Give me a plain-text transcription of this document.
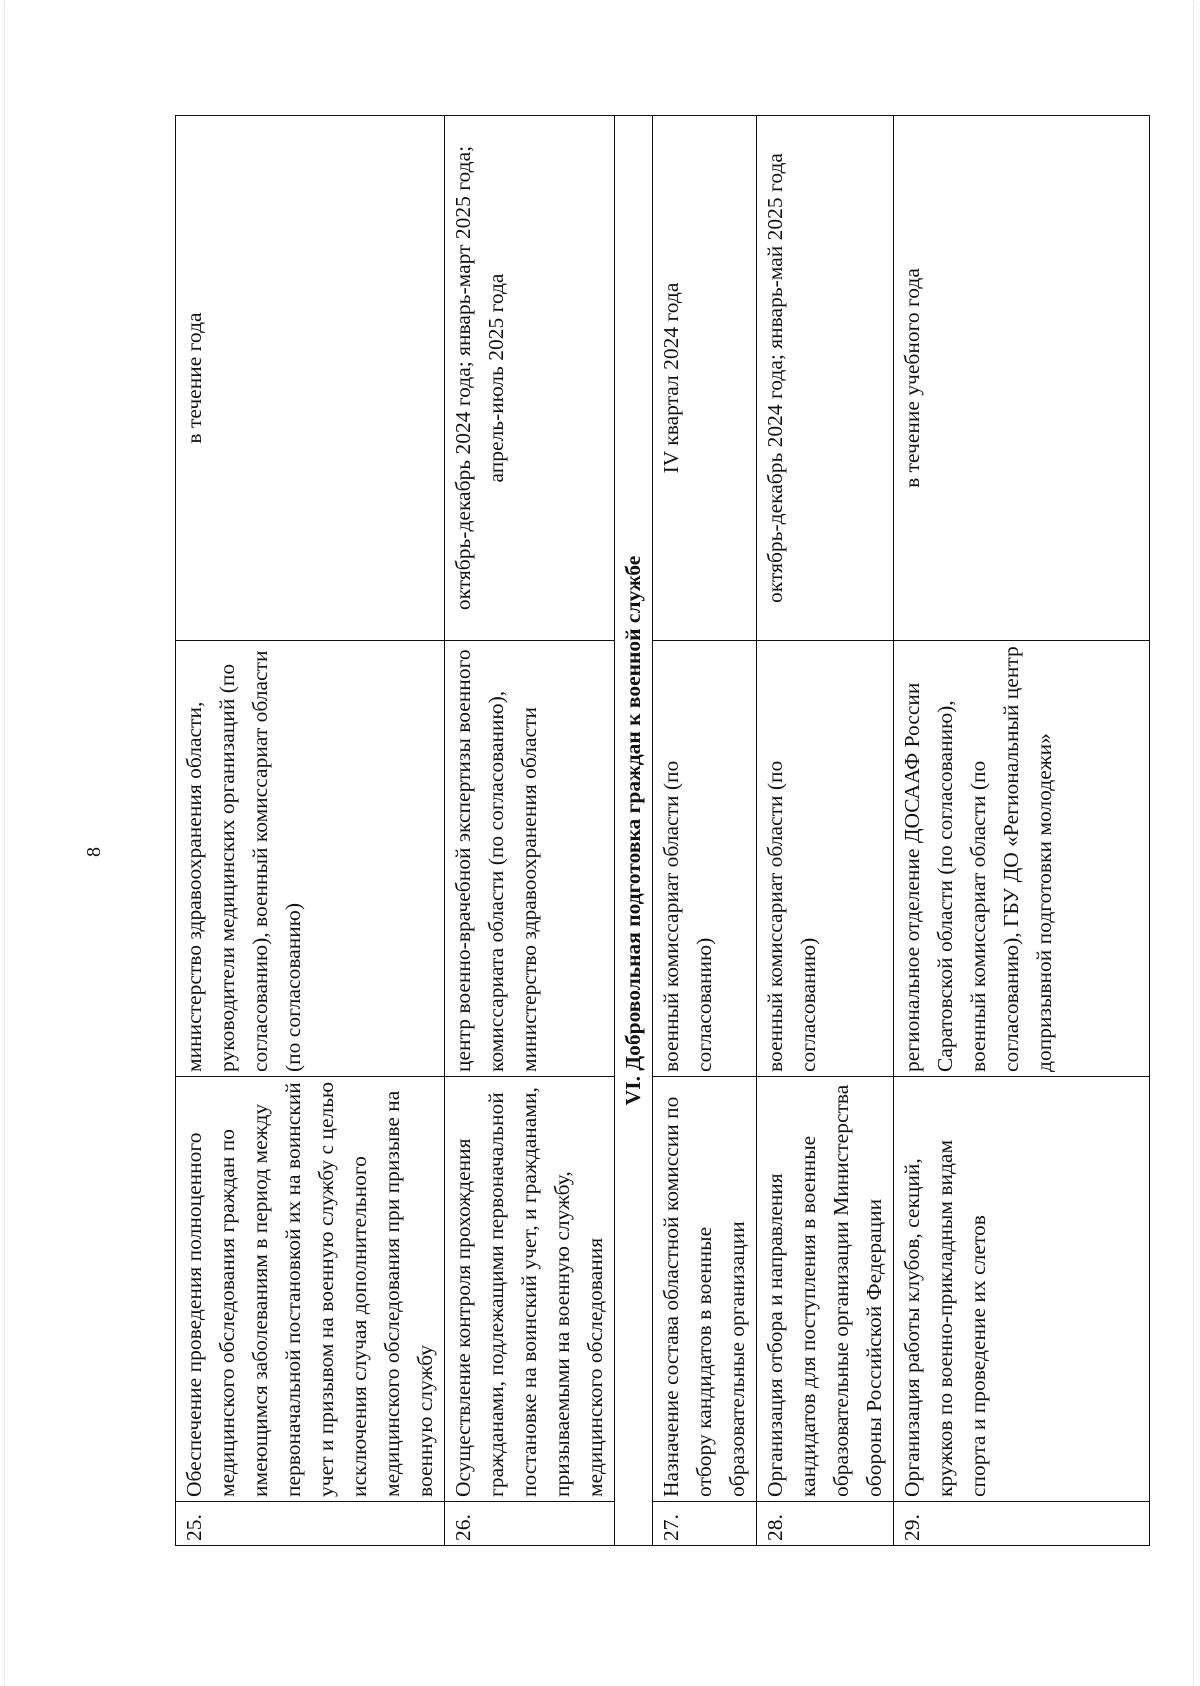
8
25.	Обеспечение проведения полноценного медицинского обследования граждан по имеющимся заболеваниям в период между первоначальной постановкой их на воинский учет и призывом на военную службу с целью исключения случая дополнительного медицинского обследования при призыве на военную службу	министерство здравоохранения области, руководители медицинских организаций (по согласованию), военный комиссариат области (по согласованию)	в течение года
26.	Осуществление контроля прохождения гражданами, подлежащими первоначальной постановке на воинский учет, и гражданами, призываемыми на военную службу, медицинского обследования	центр военно-врачебной экспертизы военного комиссариата области (по согласованию), министерство здравоохранения области	октябрь-декабрь 2024 года; январь-март 2025 года; апрель-июль 2025 года
VI. Добровольная подготовка граждан к военной службе			
27.	Назначение состава областной комиссии по отбору кандидатов в военные образовательные организации	военный комиссариат области (по согласованию)	IV квартал 2024 года
28.	Организация отбора и направления кандидатов для поступления в военные образовательные организации Министерства обороны Российской Федерации	военный комиссариат области (по согласованию)	октябрь-декабрь 2024 года; январь-май 2025 года
29.	Организация работы клубов, секций, кружков по военно-прикладным видам спорта и проведение их слетов	региональное отделение ДОСААФ России Саратовской области (по согласованию), военный комиссариат области (по согласованию), ГБУ ДО «Региональный центр допризывной подготовки молодежи»	в течение учебного года
